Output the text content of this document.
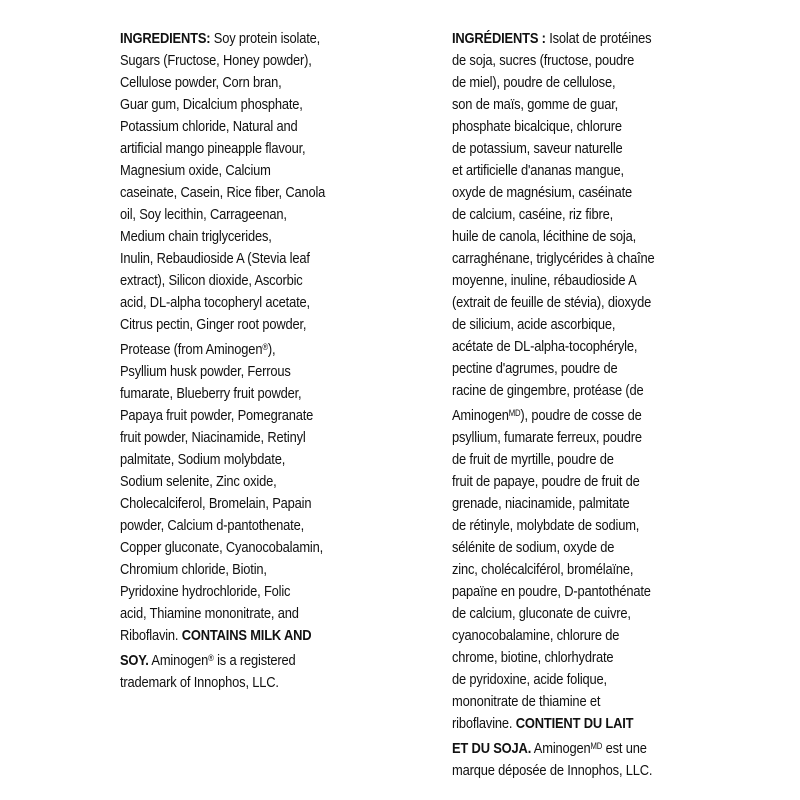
INGREDIENTS: Soy protein isolate,
Sugars (Fructose, Honey powder),
Cellulose powder, Corn bran,
Guar gum, Dicalcium phosphate,
Potassium chloride, Natural and
artificial mango pineapple flavour,
Magnesium oxide, Calcium
caseinate, Casein, Rice fiber, Canola
oil, Soy lecithin, Carrageenan,
Medium chain triglycerides,
Inulin, Rebaudioside A (Stevia leaf
extract), Silicon dioxide, Ascorbic
acid, DL-alpha tocopheryl acetate,
Citrus pectin, Ginger root powder,
Protease (from Aminogen®),
Psyllium husk powder, Ferrous
fumarate, Blueberry fruit powder,
Papaya fruit powder, Pomegranate
fruit powder, Niacinamide, Retinyl
palmitate, Sodium molybdate,
Sodium selenite, Zinc oxide,
Cholecalciferol, Bromelain, Papain
powder, Calcium d-pantothenate,
Copper gluconate, Cyanocobalamin,
Chromium chloride, Biotin,
Pyridoxine hydrochloride, Folic
acid, Thiamine mononitrate, and
Riboflavin. CONTAINS MILK AND
SOY. Aminogen® is a registered
trademark of Innophos, LLC.
INGRÉDIENTS : Isolat de protéines
de soja, sucres (fructose, poudre
de miel), poudre de cellulose,
son de maïs, gomme de guar,
phosphate bicalcique, chlorure
de potassium, saveur naturelle
et artificielle d'ananas mangue,
oxyde de magnésium, caséinate
de calcium, caséine, riz fibre,
huile de canola, lécithine de soja,
carraghénane, triglycérides à chaîne
moyenne, inuline, rébaudioside A
(extrait de feuille de stévia), dioxyde
de silicium, acide ascorbique,
acétate de DL-alpha-tocophéryle,
pectine d'agrumes, poudre de
racine de gingembre, protéase (de
Aminogen$^{MD}$), poudre de cosse de
psyllium, fumarate ferreux, poudre
de fruit de myrtille, poudre de
fruit de papaye, poudre de fruit de
grenade, niacinamide, palmitate
de rétinyle, molybdate de sodium,
sélénite de sodium, oxyde de
zinc, cholécalciférol, bromélaïne,
papaïne en poudre, D-pantothénate
de calcium, gluconate de cuivre,
cyanocobalamine, chlorure de
chrome, biotine, chlorhydrate
de pyridoxine, acide folique,
mononitrate de thiamine et
riboflavine. CONTIENT DU LAIT
ET DU SOJA. Aminogen$^{MD}$ est une
marque déposée de Innophos, LLC.
